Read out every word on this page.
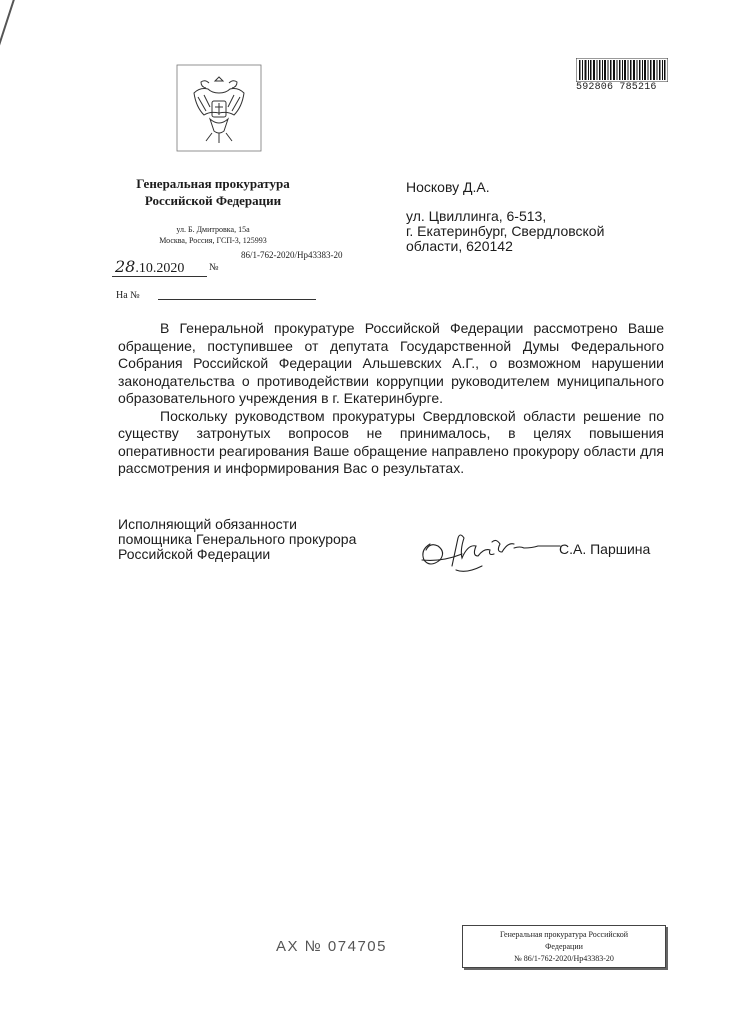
592806 785216
Генеральная прокуратура
Российской Федерации
ул. Б. Дмитровка, 15а
Москва, Россия, ГСП-3, 125993
28.10.2020 №
86/1-762-2020/Нр43383-20
На №
Носкову Д.А.
ул. Цвиллинга, 6-513,
г. Екатеринбург, Свердловской
области, 620142

В Генеральной прокуратуре Российской Федерации рассмотрено Ваше обращение, поступившее от депутата Государственной Думы Федерального Собрания Российской Федерации Альшевских А.Г., о возможном нарушении законодательства о противодействии коррупции руководителем муниципального образовательного учреждения в г. Екатеринбурге.

Поскольку руководством прокуратуры Свердловской области решение по существу затронутых вопросов не принималось, в целях повышения оперативности реагирования Ваше обращение направлено прокурору области для рассмотрения и информирования Вас о результатах.

Исполняющий обязанности
помощника Генерального прокурора
Российской Федерации	С.А. Паршина
АХ № 074705
Генеральная прокуратура Российской
Федерации
№ 86/1-762-2020/Нр43383-20
